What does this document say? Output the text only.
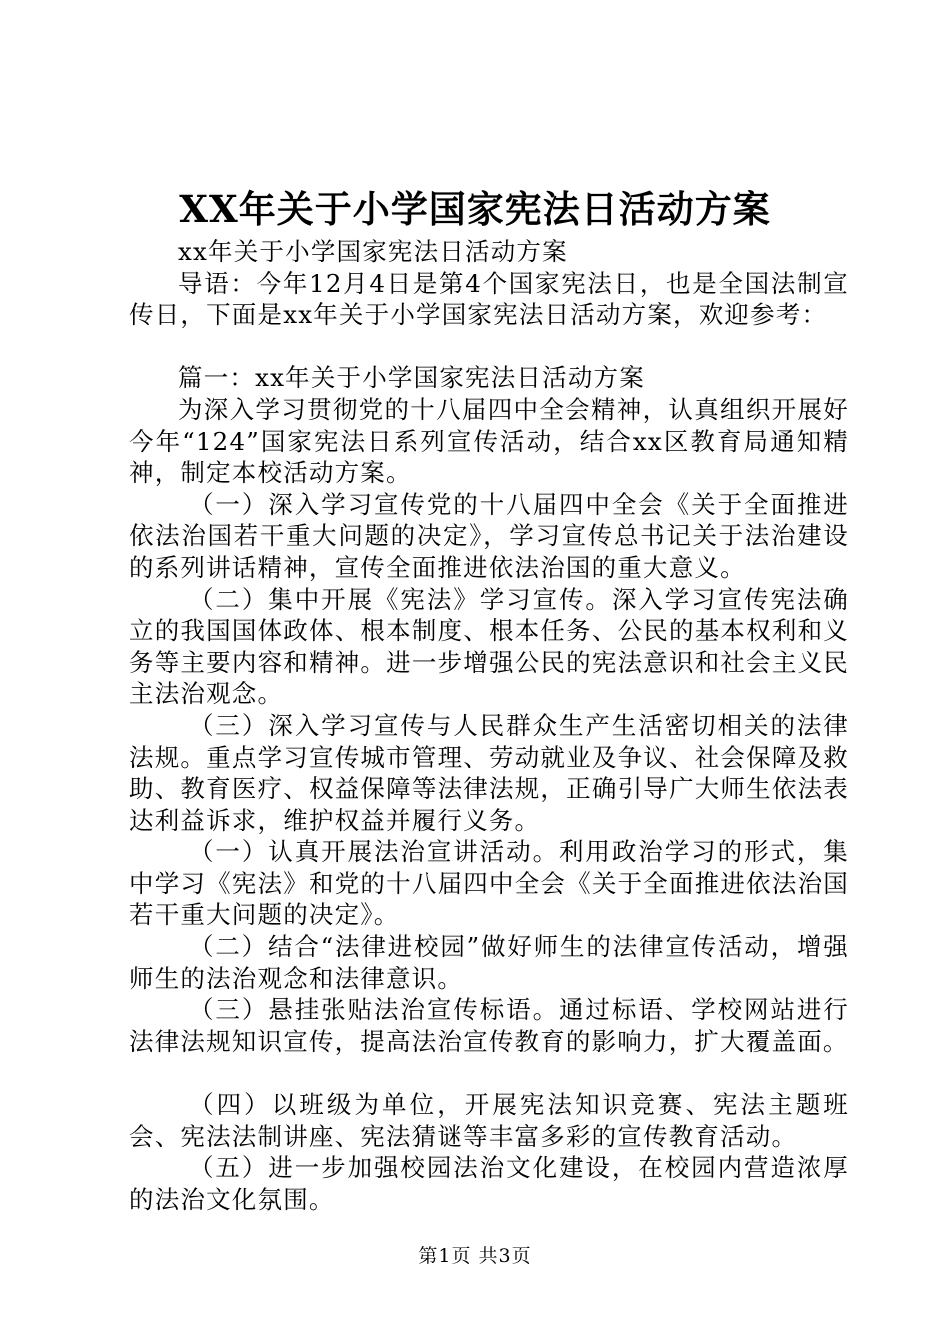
XX年关于小学国家宪法日活动方案

xx年关于小学国家宪法日活动方案

导语：今年12月4日是第4个国家宪法日，也是全国法制宣传日，下面是xx年关于小学国家宪法日活动方案，欢迎参考：

篇一：xx年关于小学国家宪法日活动方案

为深入学习贯彻党的十八届四中全会精神，认真组织开展好今年“124”国家宪法日系列宣传活动，结合xx区教育局通知精神，制定本校活动方案。

（一）深入学习宣传党的十八届四中全会《关于全面推进依法治国若干重大问题的决定》，学习宣传总书记关于法治建设的系列讲话精神，宣传全面推进依法治国的重大意义。

（二）集中开展《宪法》学习宣传。深入学习宣传宪法确立的我国国体政体、根本制度、根本任务、公民的基本权利和义务等主要内容和精神。进一步增强公民的宪法意识和社会主义民主法治观念。

（三）深入学习宣传与人民群众生产生活密切相关的法律法规。重点学习宣传城市管理、劳动就业及争议、社会保障及救助、教育医疗、权益保障等法律法规，正确引导广大师生依法表达利益诉求，维护权益并履行义务。

（一）认真开展法治宣讲活动。利用政治学习的形式，集中学习《宪法》和党的十八届四中全会《关于全面推进依法治国若干重大问题的决定》。

（二）结合“法律进校园”做好师生的法律宣传活动，增强师生的法治观念和法律意识。

（三）悬挂张贴法治宣传标语。通过标语、学校网站进行法律法规知识宣传，提高法治宣传教育的影响力，扩大覆盖面。

（四）以班级为单位，开展宪法知识竞赛、宪法主题班会、宪法法制讲座、宪法猜谜等丰富多彩的宣传教育活动。

（五）进一步加强校园法治文化建设，在校园内营造浓厚的法治文化氛围。

第1页 共3页
